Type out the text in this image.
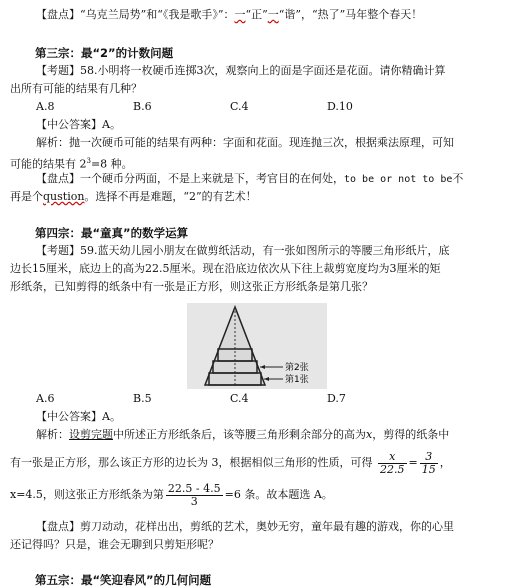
【盘点】“乌克兰局势”和“《我是歌手》”：一“正”一“谐”，“热了”马年整个春天！
第三宗：最“2”的计数问题
【考题】58.小明将一枚硬币连掷3次，观察向上的面是字面还是花面。请你精确计算
出所有可能的结果有几种？
A.8	B.6	C.4	D.10
【中公答案】A。
解析：抛一次硬币可能的结果有两种：字面和花面。现连抛三次，根据乘法原理，可知
可能的结果有 $2^3=8$ 种。
【盘点】一个硬币分两面，不是上来就是下，考官目的在何处，to be or not to be不
再是个qustion。选择不再是难题，“2”的有艺术！
第四宗：最“童真”的数学运算
【考题】59.蓝天幼儿园小朋友在做剪纸活动，有一张如图所示的等腰三角形纸片，底
边长15厘米，底边上的高为22.5厘米。现在沿底边依次从下往上裁剪宽度均为3厘米的矩
形纸条，已知剪得的纸条中有一张是正方形，则这张正方形纸条是第几张？
第2张
第1张
A.6	B.5	C.4	D.7
【中公答案】A。
解析：设剪完题中所述正方形纸条后，该等腰三角形剩余部分的高为x，剪得的纸条中
有一张是正方形，那么该正方形的边长为 3，根据相似三角形的性质，可得 $\frac{x}{22.5} = \frac{3}{15}$ ，
x=4.5，则这张正方形纸条为第 $\frac{22.5 - 4.5}{3} =6$ 条。故本题选 A。
【盘点】剪刀动动，花样出出，剪纸的艺术，奥妙无穷，童年最有趣的游戏，你的心里
还记得吗？只是，谁会无聊到只剪矩形呢？
第五宗：最“笑迎春风”的几何问题
